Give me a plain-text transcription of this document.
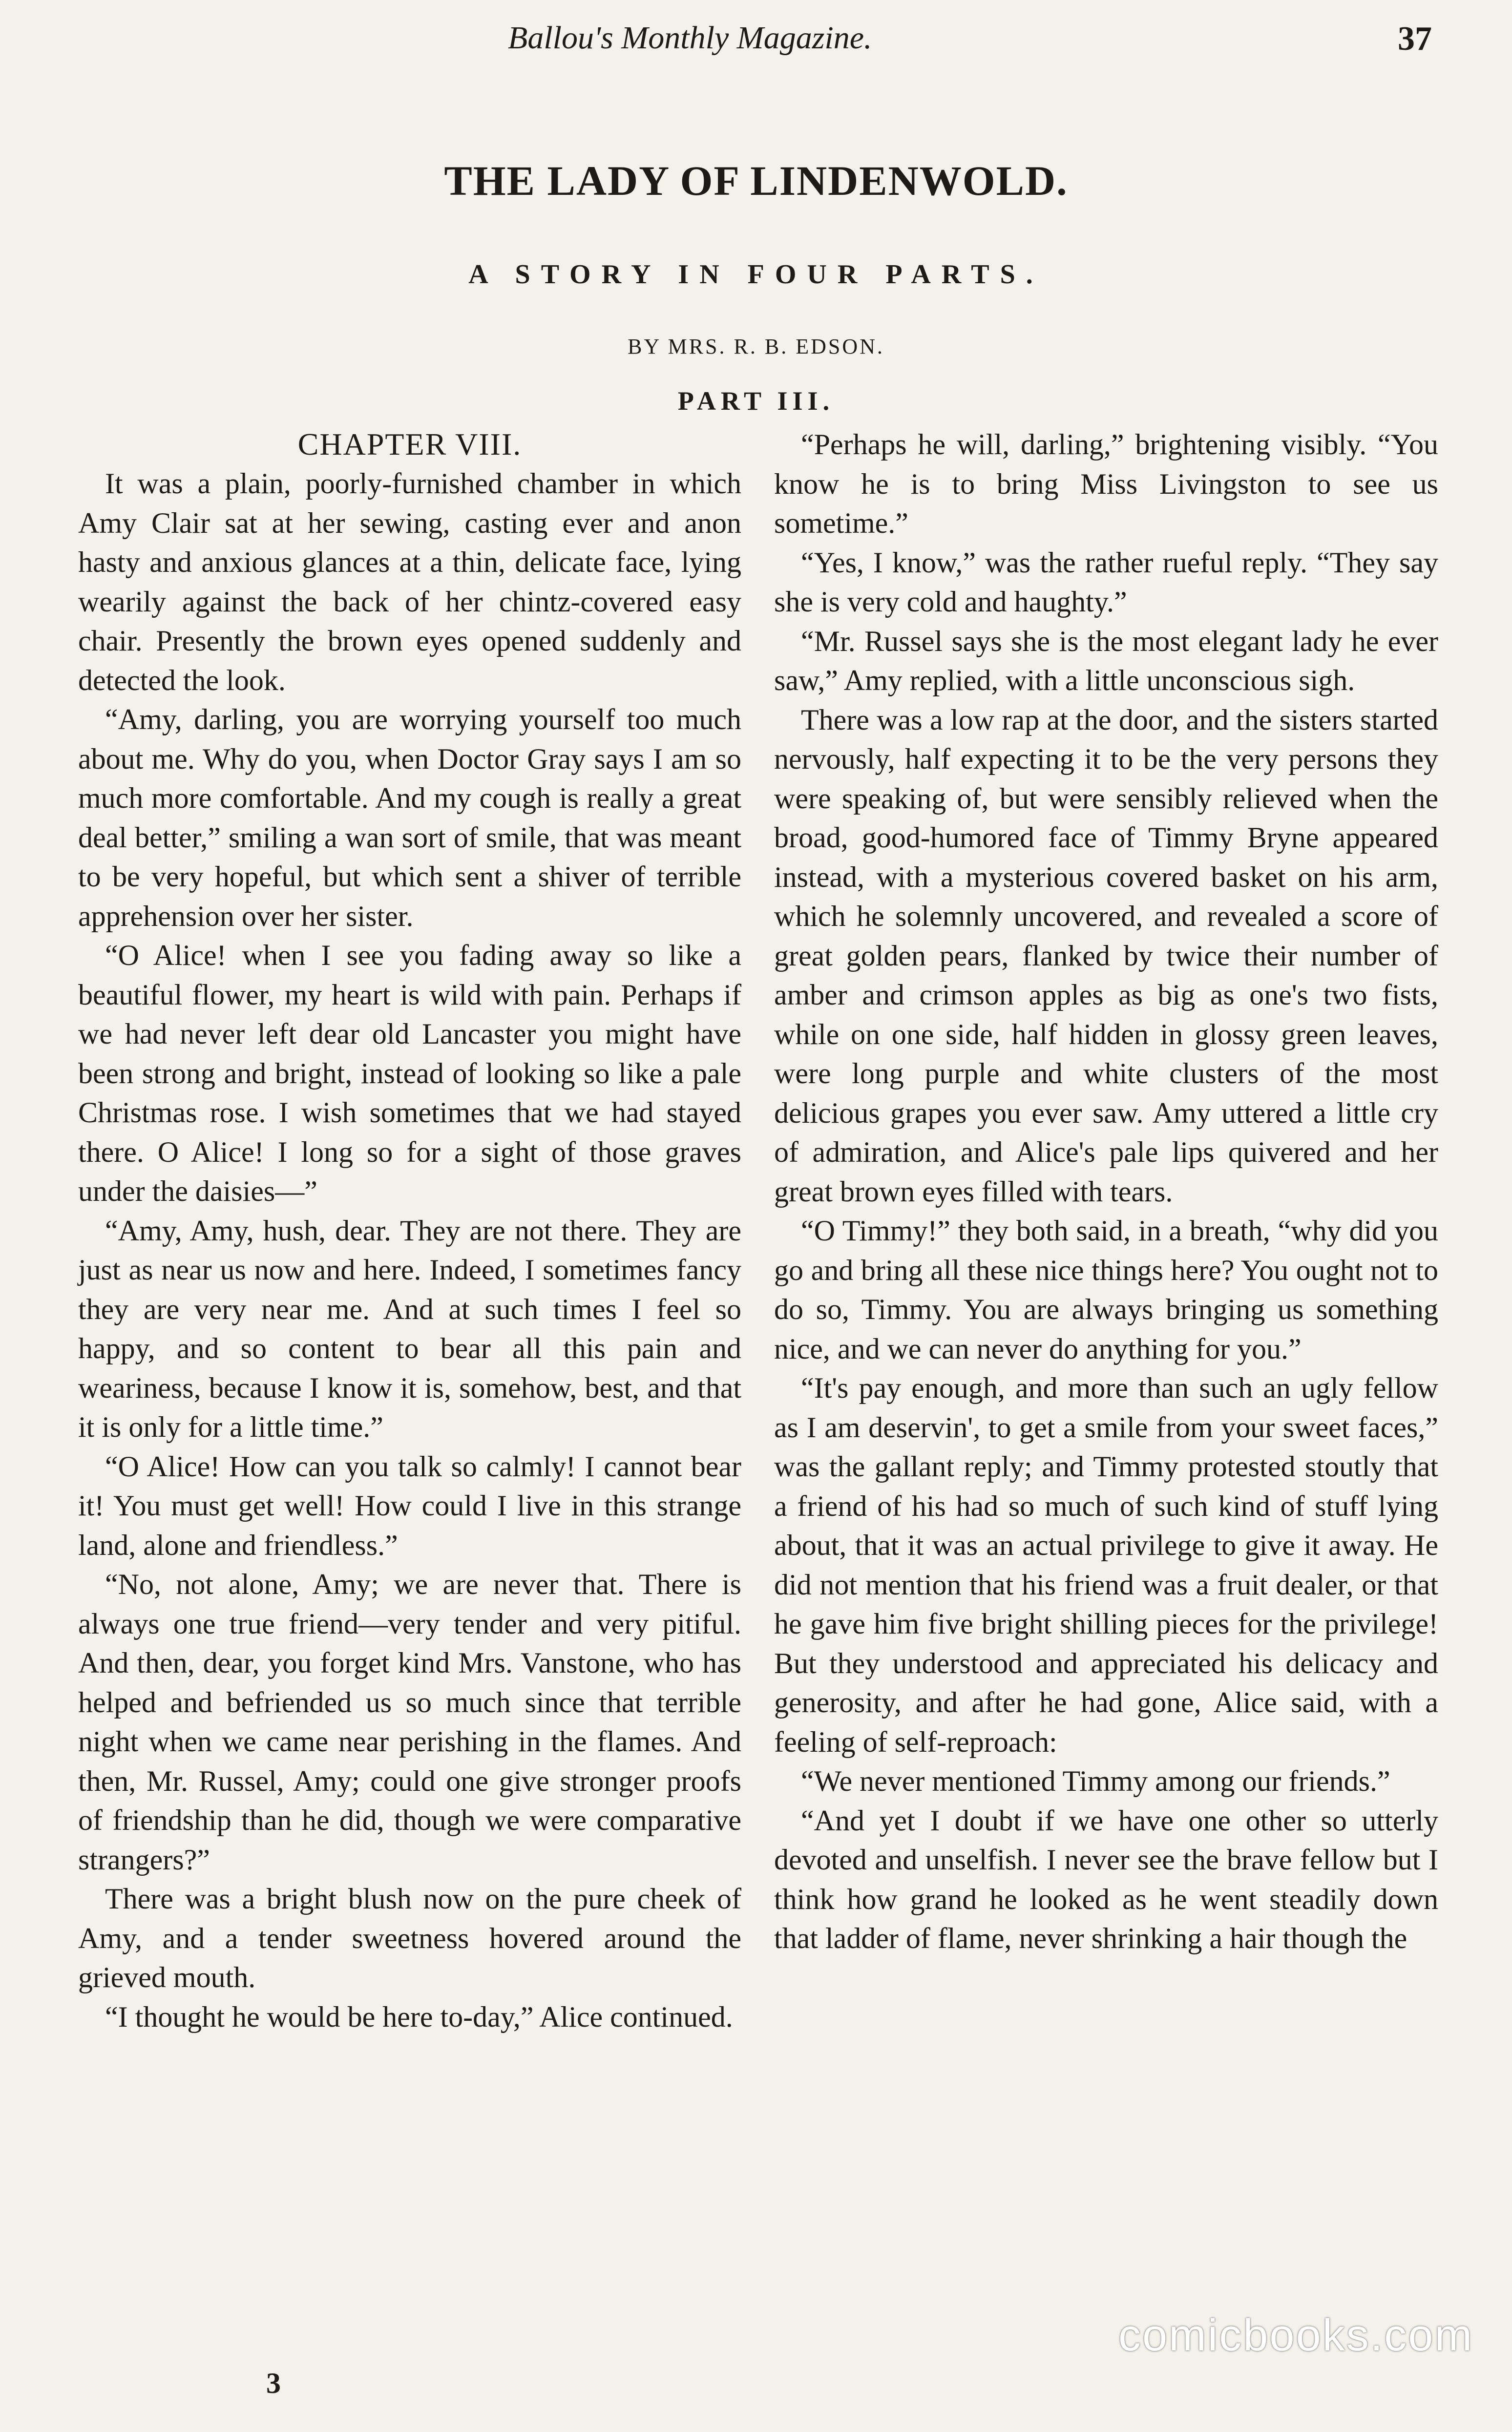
Ballou's Monthly Magazine.	37
THE LADY OF LINDENWOLD.
A STORY IN FOUR PARTS.
BY MRS. R. B. EDSON.
PART III.
CHAPTER VIII.

It was a plain, poorly-furnished chamber in which Amy Clair sat at her sewing, casting ever and anon hasty and anxious glances at a thin, delicate face, lying wearily against the back of her chintz-covered easy chair. Presently the brown eyes opened suddenly and detected the look.

“Amy, darling, you are worrying yourself too much about me. Why do you, when Doctor Gray says I am so much more comfortable. And my cough is really a great deal better,” smiling a wan sort of smile, that was meant to be very hopeful, but which sent a shiver of terrible apprehension over her sister.

“O Alice! when I see you fading away so like a beautiful flower, my heart is wild with pain. Perhaps if we had never left dear old Lancaster you might have been strong and bright, instead of looking so like a pale Christmas rose. I wish sometimes that we had stayed there. O Alice! I long so for a sight of those graves under the daisies—”

“Amy, Amy, hush, dear. They are not there. They are just as near us now and here. Indeed, I sometimes fancy they are very near me. And at such times I feel so happy, and so content to bear all this pain and weariness, because I know it is, somehow, best, and that it is only for a little time.”

“O Alice! How can you talk so calmly! I cannot bear it! You must get well! How could I live in this strange land, alone and friendless.”

“No, not alone, Amy; we are never that. There is always one true friend—very tender and very pitiful. And then, dear, you forget kind Mrs. Vanstone, who has helped and befriended us so much since that terrible night when we came near perishing in the flames. And then, Mr. Russel, Amy; could one give stronger proofs of friendship than he did, though we were comparative strangers?”

There was a bright blush now on the pure cheek of Amy, and a tender sweetness hovered around the grieved mouth.

“I thought he would be here to-day,” Alice continued.

“Perhaps he will, darling,” brightening visibly. “You know he is to bring Miss Livingston to see us sometime.”

“Yes, I know,” was the rather rueful reply. “They say she is very cold and haughty.”

“Mr. Russel says she is the most elegant lady he ever saw,” Amy replied, with a little unconscious sigh.

There was a low rap at the door, and the sisters started nervously, half expecting it to be the very persons they were speaking of, but were sensibly relieved when the broad, good-humored face of Timmy Bryne appeared instead, with a mysterious covered basket on his arm, which he solemnly uncovered, and revealed a score of great golden pears, flanked by twice their number of amber and crimson apples as big as one's two fists, while on one side, half hidden in glossy green leaves, were long purple and white clusters of the most delicious grapes you ever saw. Amy uttered a little cry of admiration, and Alice's pale lips quivered and her great brown eyes filled with tears.

“O Timmy!” they both said, in a breath, “why did you go and bring all these nice things here? You ought not to do so, Timmy. You are always bringing us something nice, and we can never do anything for you.”

“It's pay enough, and more than such an ugly fellow as I am deservin', to get a smile from your sweet faces,” was the gallant reply; and Timmy protested stoutly that a friend of his had so much of such kind of stuff lying about, that it was an actual privilege to give it away. He did not mention that his friend was a fruit dealer, or that he gave him five bright shilling pieces for the privilege! But they understood and appreciated his delicacy and generosity, and after he had gone, Alice said, with a feeling of self-reproach:

“We never mentioned Timmy among our friends.”

“And yet I doubt if we have one other so utterly devoted and unselfish. I never see the brave fellow but I think how grand he looked as he went steadily down that ladder of flame, never shrinking a hair though the

3
comicbooks.com
